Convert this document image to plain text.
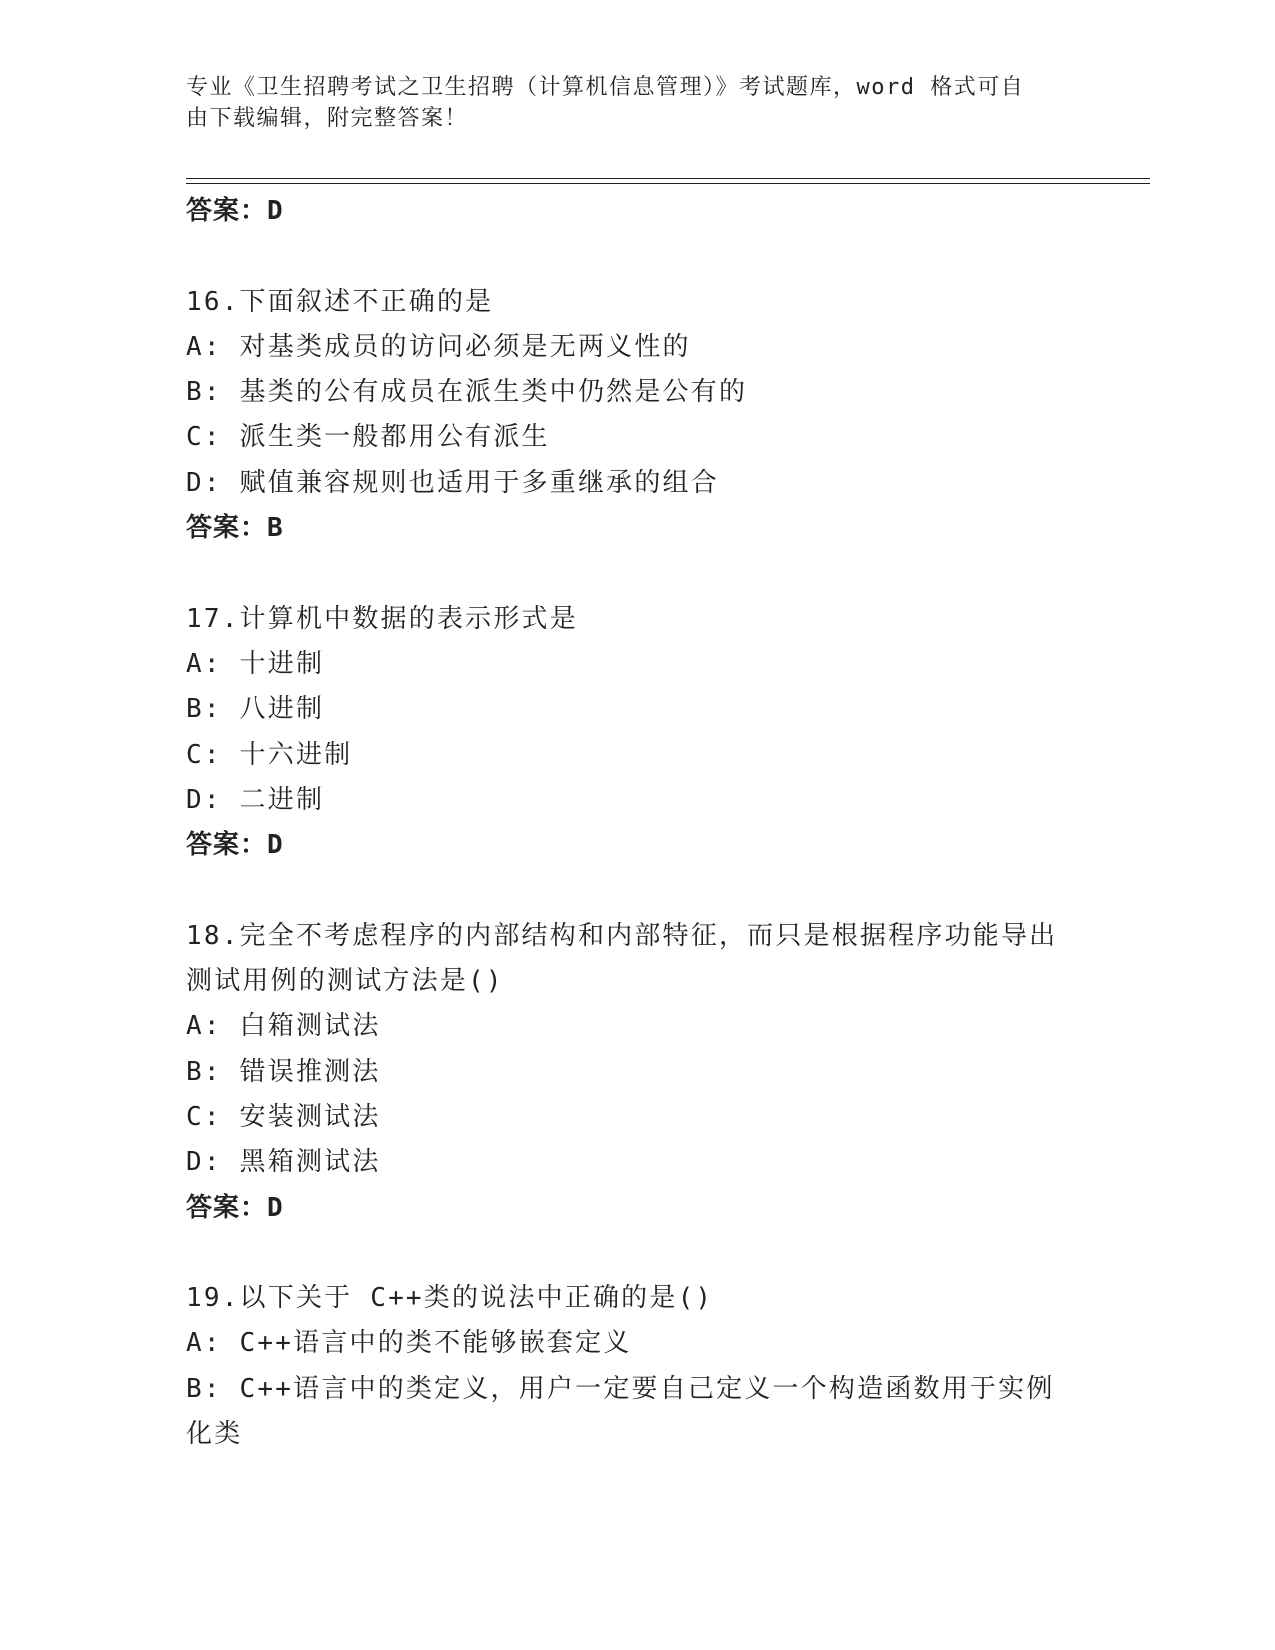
专业《卫生招聘考试之卫生招聘（计算机信息管理）》考试题库，word 格式可自
由下载编辑，附完整答案！
答案：D
16.下面叙述不正确的是
A: 对基类成员的访问必须是无两义性的
B: 基类的公有成员在派生类中仍然是公有的
C: 派生类一般都用公有派生
D: 赋值兼容规则也适用于多重继承的组合
答案：B
17.计算机中数据的表示形式是
A: 十进制
B: 八进制
C: 十六进制
D: 二进制
答案：D
18.完全不考虑程序的内部结构和内部特征，而只是根据程序功能导出
测试用例的测试方法是()
A: 白箱测试法
B: 错误推测法
C: 安装测试法
D: 黑箱测试法
答案：D
19.以下关于 C++类的说法中正确的是()
A: C++语言中的类不能够嵌套定义
B: C++语言中的类定义，用户一定要自己定义一个构造函数用于实例
化类
